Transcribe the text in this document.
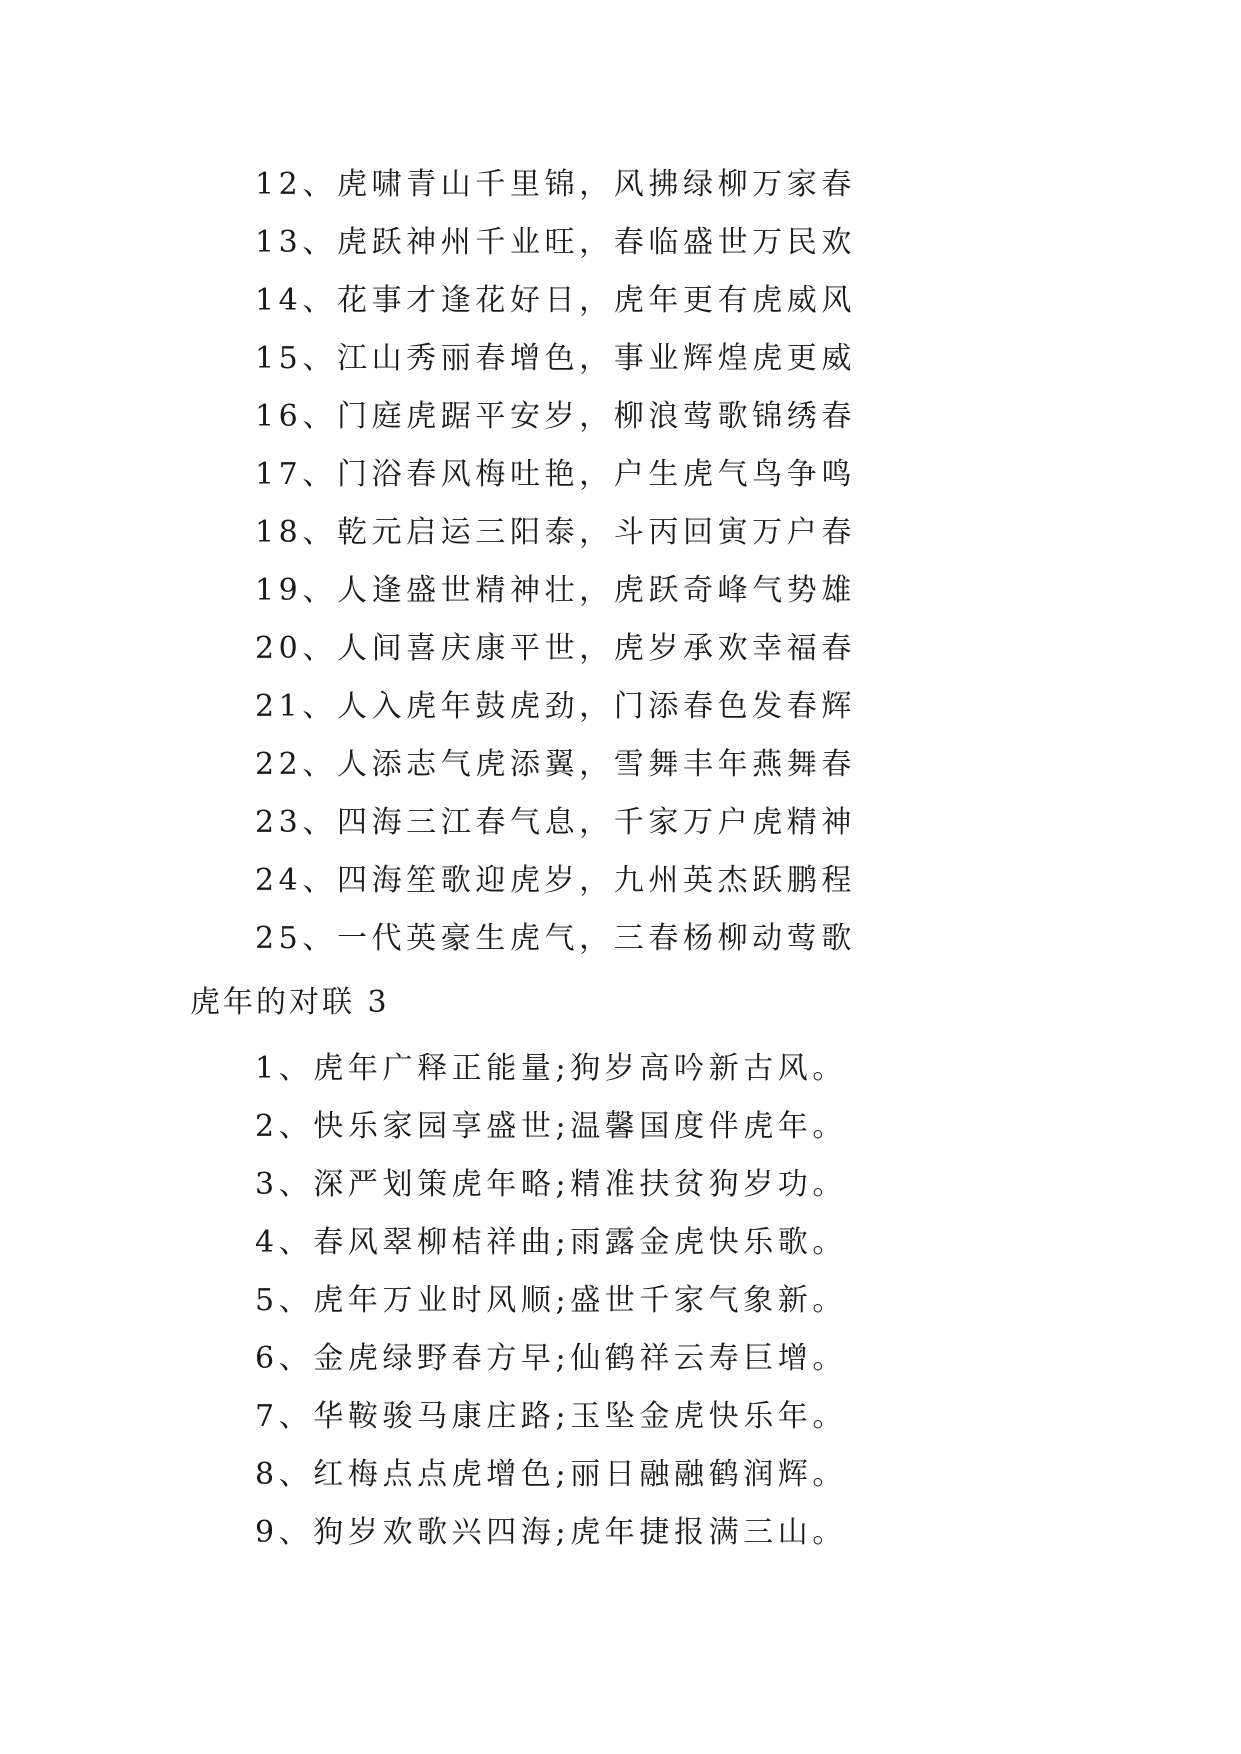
12、虎啸青山千里锦，风拂绿柳万家春
13、虎跃神州千业旺，春临盛世万民欢
14、花事才逢花好日，虎年更有虎威风
15、江山秀丽春增色，事业辉煌虎更威
16、门庭虎踞平安岁，柳浪莺歌锦绣春
17、门浴春风梅吐艳，户生虎气鸟争鸣
18、乾元启运三阳泰，斗丙回寅万户春
19、人逢盛世精神壮，虎跃奇峰气势雄
20、人间喜庆康平世，虎岁承欢幸福春
21、人入虎年鼓虎劲，门添春色发春辉
22、人添志气虎添翼，雪舞丰年燕舞春
23、四海三江春气息，千家万户虎精神
24、四海笙歌迎虎岁，九州英杰跃鹏程
25、一代英豪生虎气，三春杨柳动莺歌
虎年的对联 3
1、虎年广释正能量;狗岁高吟新古风。
2、快乐家园享盛世;温馨国度伴虎年。
3、深严划策虎年略;精准扶贫狗岁功。
4、春风翠柳桔祥曲;雨露金虎快乐歌。
5、虎年万业时风顺;盛世千家气象新。
6、金虎绿野春方早;仙鹤祥云寿巨增。
7、华鞍骏马康庄路;玉坠金虎快乐年。
8、红梅点点虎增色;丽日融融鹤润辉。
9、狗岁欢歌兴四海;虎年捷报满三山。
